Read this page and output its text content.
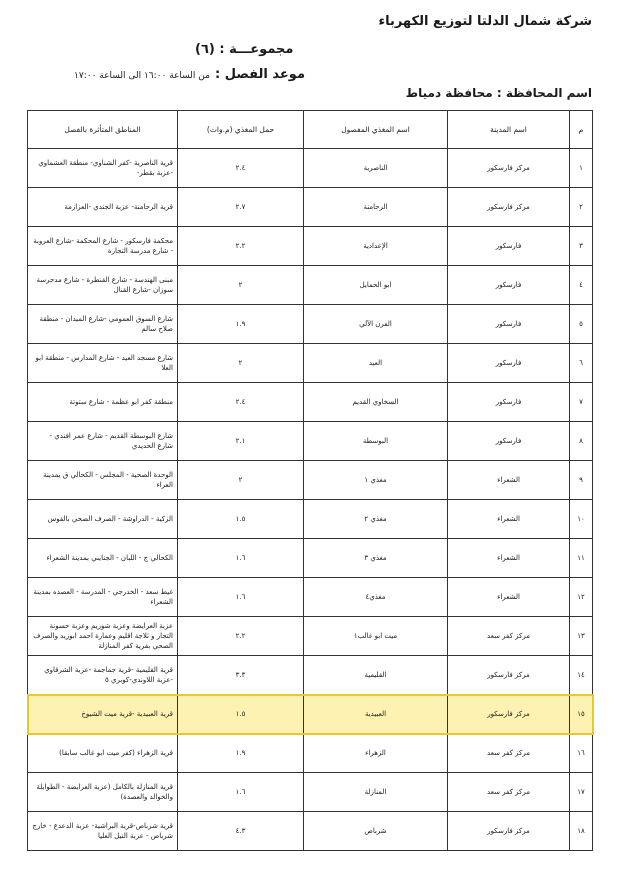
شركة شمال الدلتا لتوزيع الكهرباء
مجموعـــة : (٦)
موعد الفصل : من الساعة ١٦:٠٠ الى الساعة ١٧:٠٠
اسم المحافظة : محافظة دمياط
م	اسم المدينة	اسم المغذي المفصول	حمل المغذي (م.وات)	المناطق المتأثرة بالفصل
١	مركز فارسكور	الناصرية	٢.٤	قرية الناصرية -كفر الشناوي- منطقة العشماوي -عزبة بقطر-
٢	مركز فارسكور	الرحامنة	٢.٧	قرية الرحامنة- عزبة الجندي -العزازمة
٣	فارسكور	الإعدادية	٢.٢	محكمة فارسكور - شارع المحكمة -شارع العروبة - شارع مدرسة التجارة
٤	فارسكور	ابو الحمايل	٢	مبنى الهندسة - شارع القنطرة - شارع مدجرسة سوزان -شارع القنال
٥	فارسكور	الفرن الآلي	١.٩	شارع السوق العمومي -شارع الميدان - منطقة صلاح سالم
٦	فارسكور	العيد	٢	شارع مسجد العيد - شارع المدارس - منطقة ابو العلا
٧	فارسكور	السخاوي القديم	٢.٤	منطقة كفر ابو عظمة - شارع ستوتة
٨	فارسكور	البوسطة	٢.١	شارع البوسطة القديم - شارع عمر افندي - شارع الحديدي
٩	الشعراء	مغذي ١	٢	الوحدة الصحية - المجلس - الكحالي ق بمدينة العراء
١٠	الشعراء	مغذي ٢	١.٥	الزكية - الدراوشة - الصرف الصحي بالقوس
١١	الشعراء	مغذي ٣	١.٦	الكحالي ج - اللبان - الجنايني بمدينة الشعراء
١٢	الشعراء	مغذي٤	١.٦	غيط سعد - الخدرجي - المدرسة - العصده بمدينة الشعراء
١٣	مركز كفر سعد	ميت ابو غالب١	٢.٢	عزبة العرايضة وعزبة شوريم وعزبة حسونة التجار و ثلاجة اقليم وعمارة احمد ابوزيد والصرف الصحي بقرية كفر المنازلة
١٤	مركز فارسكور	القليمية	٣.٣	قرية القليمية -قرية جماجمة -عزبة الشرقاوي -عزبة اللاوندي-كوبري ٥
١٥	مركز فارسكور	العبيدية	١.٥	قرية العبيدية -قرية ميت الشيوخ
١٦	مركز كفر سعد	الزهراء	١.٩	قرية الزهراء (كفر ميت ابو غالب سابقا)
١٧	مركز كفر سعد	المنازلة	١.٦	قرية المنازلة بالكامل (عزبة العرايضة - الطوايلة والخوالد والعصدة)
١٨	مركز فارسكور	شرباص	٤.٣	قرية شرباص-قرية البراشية- عزبة الدعدع - خارج شرباص - عزبة النيل العليا
